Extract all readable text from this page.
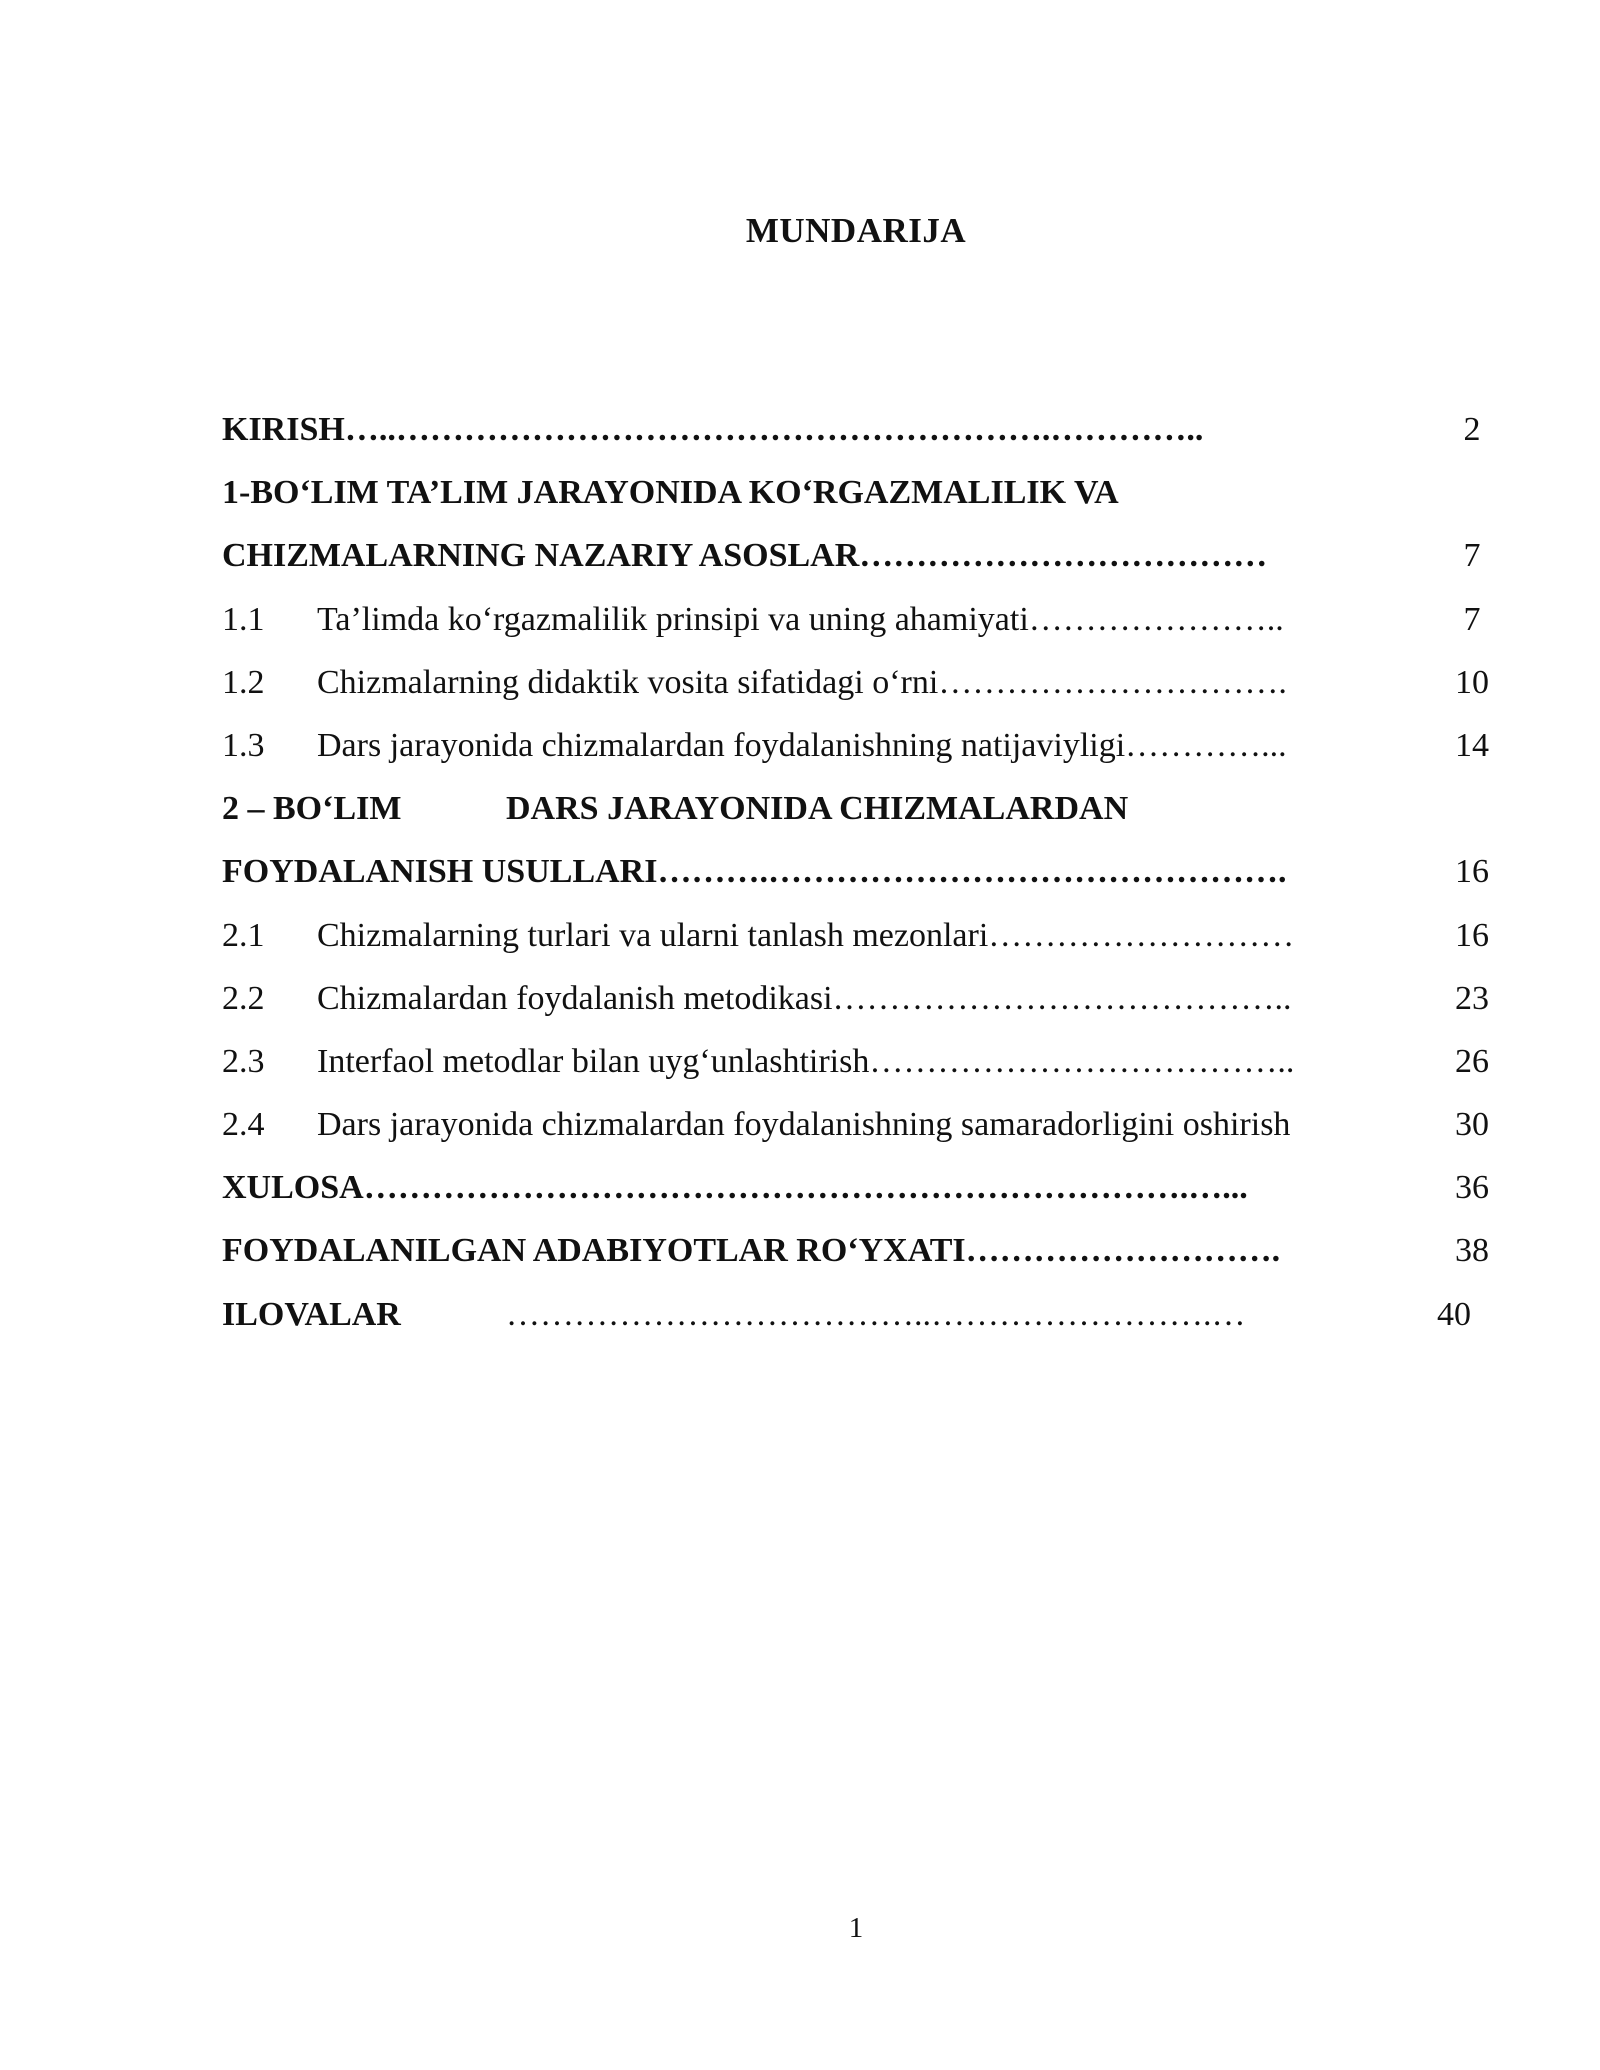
MUNDARIJA
KIRISH…..………………………………………………….…………..	2
1-BO‘LIM TA’LIM JARAYONIDA KO‘RGAZMALILIK VA
CHIZMALARNING NAZARIY ASOSLAR………………………………	7
1.1 Ta’limda ko‘rgazmalilik prinsipi va uning ahamiyati…………………..	7
1.2 Chizmalarning didaktik vosita sifatidagi o‘rni………………………….	10
1.3 Dars jarayonida chizmalardan foydalanishning natijaviyligi…………...	14
2 – BO‘LIM	DARS JARAYONIDA CHIZMALARDAN
FOYDALANISH USULLARI……….……………………………………….	16
2.1 Chizmalarning turlari va ularni tanlash mezonlari………………………	16
2.2 Chizmalardan foydalanish metodikasi…………………………………..	23
2.3 Interfaol metodlar bilan uyg‘unlashtirish………………………………..	26
2.4 Dars jarayonida chizmalardan foydalanishning samaradorligini oshirish	30
XULOSA……………………………………………………………….…...	36
FOYDALANILGAN ADABIYOTLAR RO‘YXATI……………………….	38
ILOVALAR	………………………………..…………………….…	40
1
